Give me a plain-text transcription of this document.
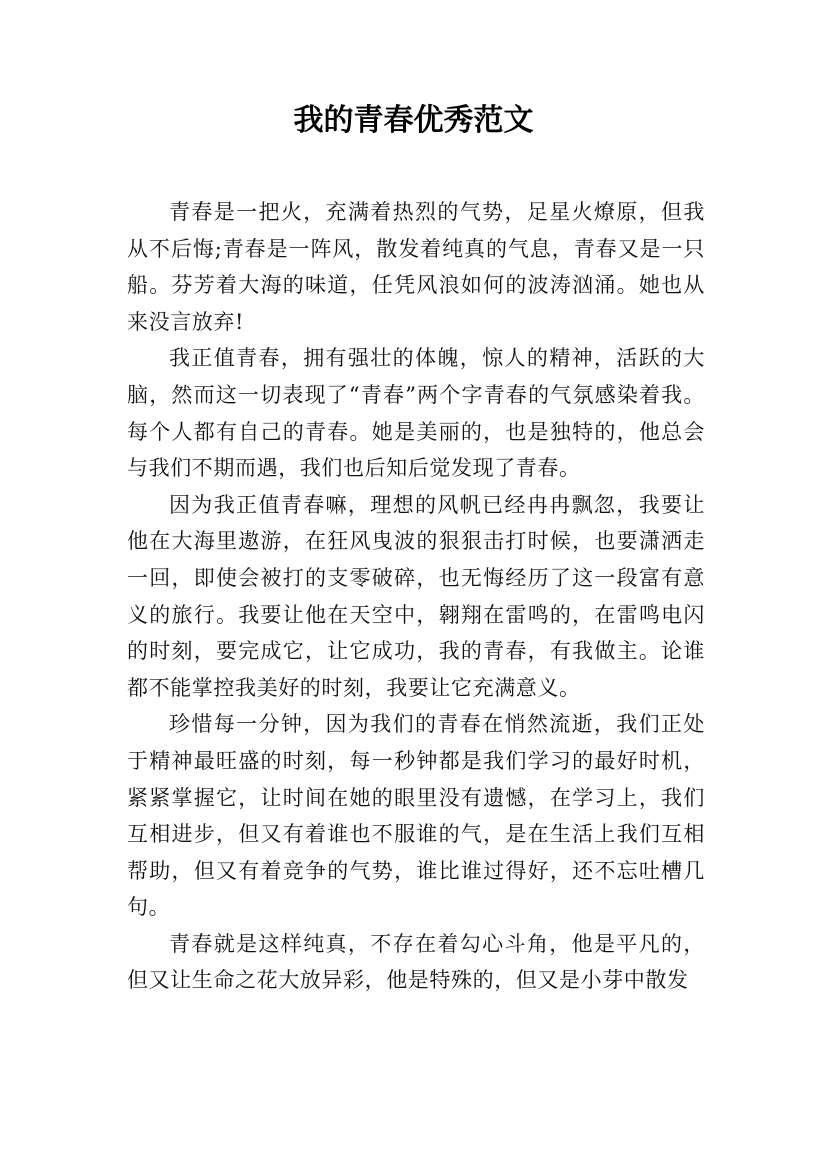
我的青春优秀范文

青春是一把火，充满着热烈的气势，足星火燎原，但我从不后悔;青春是一阵风，散发着纯真的气息，青春又是一只船。芬芳着大海的味道，任凭风浪如何的波涛汹涌。她也从来没言放弃!

我正值青春，拥有强壮的体魄，惊人的精神，活跃的大脑，然而这一切表现了“青春”两个字青春的气氛感染着我。每个人都有自己的青春。她是美丽的，也是独特的，他总会与我们不期而遇，我们也后知后觉发现了青春。

因为我正值青春嘛，理想的风帆已经冉冉飘忽，我要让他在大海里遨游，在狂风曳波的狠狠击打时候，也要潇洒走一回，即使会被打的支零破碎，也无悔经历了这一段富有意义的旅行。我要让他在天空中，翱翔在雷鸣的，在雷鸣电闪的时刻，要完成它，让它成功，我的青春，有我做主。论谁都不能掌控我美好的时刻，我要让它充满意义。

珍惜每一分钟，因为我们的青春在悄然流逝，我们正处于精神最旺盛的时刻，每一秒钟都是我们学习的最好时机，紧紧掌握它，让时间在她的眼里没有遗憾，在学习上，我们互相进步，但又有着谁也不服谁的气，是在生活上我们互相帮助，但又有着竞争的气势，谁比谁过得好，还不忘吐槽几句。

青春就是这样纯真，不存在着勾心斗角，他是平凡的，但又让生命之花大放异彩，他是特殊的，但又是小芽中散发
